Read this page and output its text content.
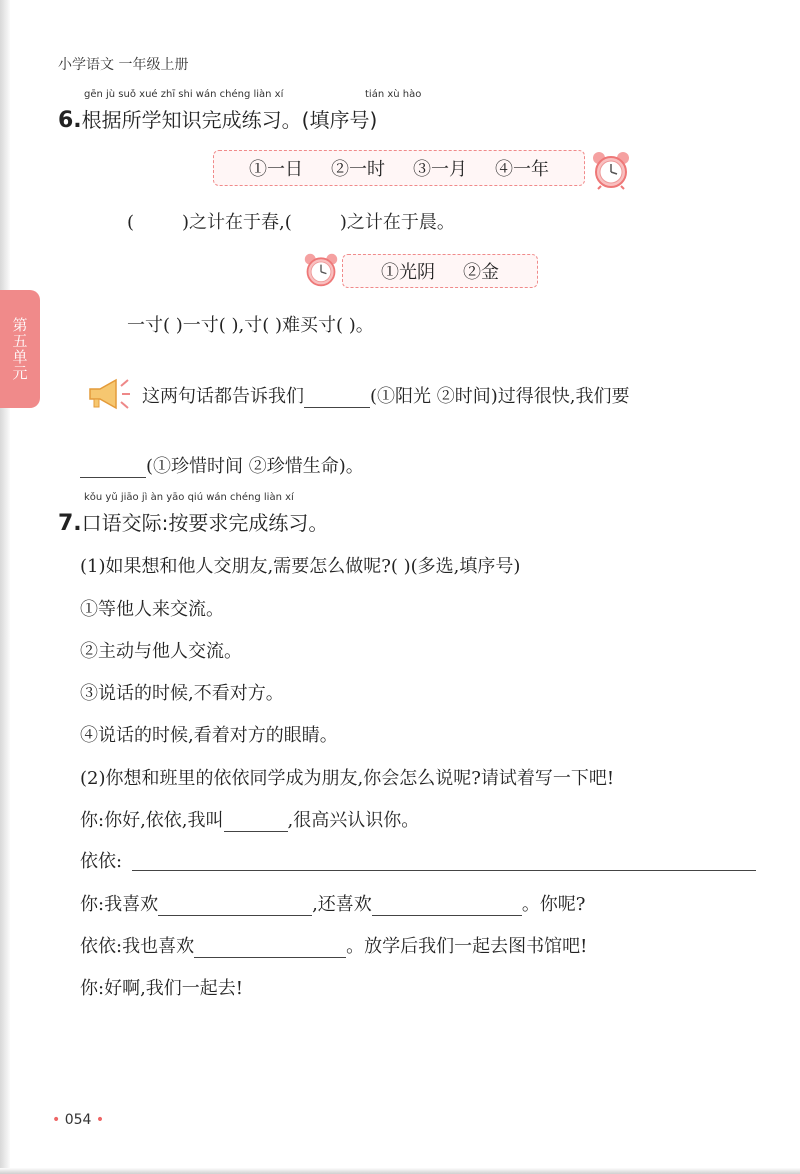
小学语文 一年级上册
第五单元
gēn jù suǒ xué zhī shi wán chéng liàn xí	tián xù hào
6.根据所学知识完成练习。(填序号)
①一日 ②一时 ③一月 ④一年
(	)之计在于春,(	)之计在于晨。
①光阴 ②金
一寸( )一寸( ),寸( )难买寸( )。
这两句话都告诉我们	(①阳光 ②时间)过得很快,我们要
(①珍惜时间 ②珍惜生命)。
kǒu yǔ jiāo jì àn yāo qiú wán chéng liàn xí
7.口语交际:按要求完成练习。
(1)如果想和他人交朋友,需要怎么做呢?( )(多选,填序号)
①等他人来交流。
②主动与他人交流。
③说话的时候,不看对方。
④说话的时候,看着对方的眼睛。
(2)你想和班里的依依同学成为朋友,你会怎么说呢?请试着写一下吧!
你:你好,依依,我叫	,很高兴认识你。
依依:
你:我喜欢	,还喜欢	。你呢?
依依:我也喜欢	。放学后我们一起去图书馆吧!
你:好啊,我们一起去!
• 054 •
